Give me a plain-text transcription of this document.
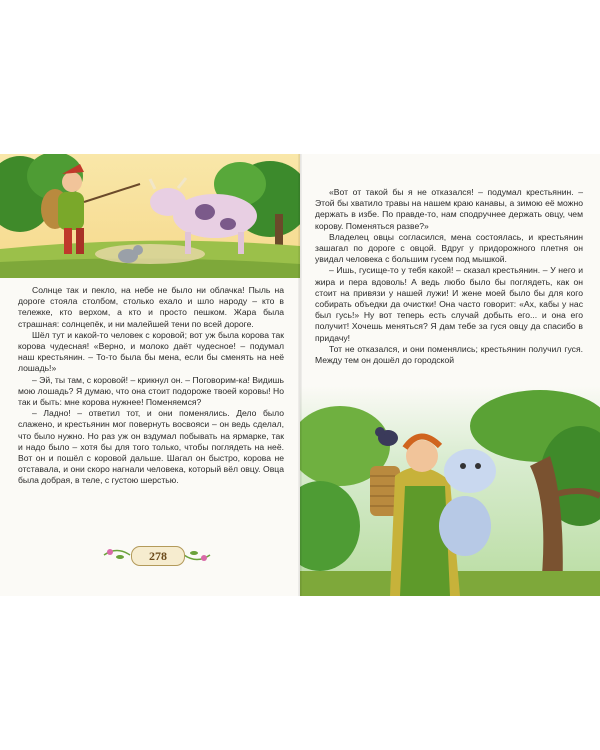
Солнце так и пекло, на небе не было ни облачка! Пыль на дороге стояла столбом, столько ехало и шло народу – кто в тележке, кто верхом, а кто и просто пешком. Жара была страшная: солнцепёк, и ни малейшей тени по всей дороге.

Шёл тут и какой-то человек с коровой; вот уж была корова так корова чудесная! «Верно, и молоко даёт чудесное! – подумал наш крестьянин. – То-то была бы мена, если бы сменять на неё лошадь!»

– Эй, ты там, с коровой! – крикнул он. – Поговорим-ка! Видишь мою лошадь? Я думаю, что она стоит подороже твоей коровы! Но так и быть: мне корова нужнее! Поменяемся?

– Ладно! – ответил тот, и они поменялись. Дело было слажено, и крестьянин мог повернуть восвояси – он ведь сделал, что было нужно. Но раз уж он вздумал побывать на ярмарке, так и надо было – хотя бы для того только, чтобы поглядеть на неё. Вот он и пошёл с коровой дальше. Шагал он быстро, корова не отставала, и они скоро нагнали человека, который вёл овцу. Овца была добрая, в теле, с густою шерстью.

278

«Вот от такой бы я не отказался! – подумал крестьянин. – Этой бы хватило травы на нашем краю канавы, а зимою её можно держать в избе. По правде-то, нам сподручнее держать овцу, чем корову. Поменяться разве?»

Владелец овцы согласился, мена состоялась, и крестьянин зашагал по дороге с овцой. Вдруг у придорожного плетня он увидал человека с большим гусем под мышкой.

– Ишь, гусище-то у тебя какой! – сказал крестьянин. – У него и жира и пера вдоволь! А ведь любо было бы поглядеть, как он стоит на привязи у нашей лужи! И жене моей было бы для кого собирать объедки да очистки! Она часто говорит: «Ах, кабы у нас был гусь!» Ну вот теперь есть случай добыть его... и она его получит! Хочешь меняться? Я дам тебе за гуся овцу да спасибо в придачу!

Тот не отказался, и они поменялись; крестьянин получил гуся. Между тем он дошёл до городской
